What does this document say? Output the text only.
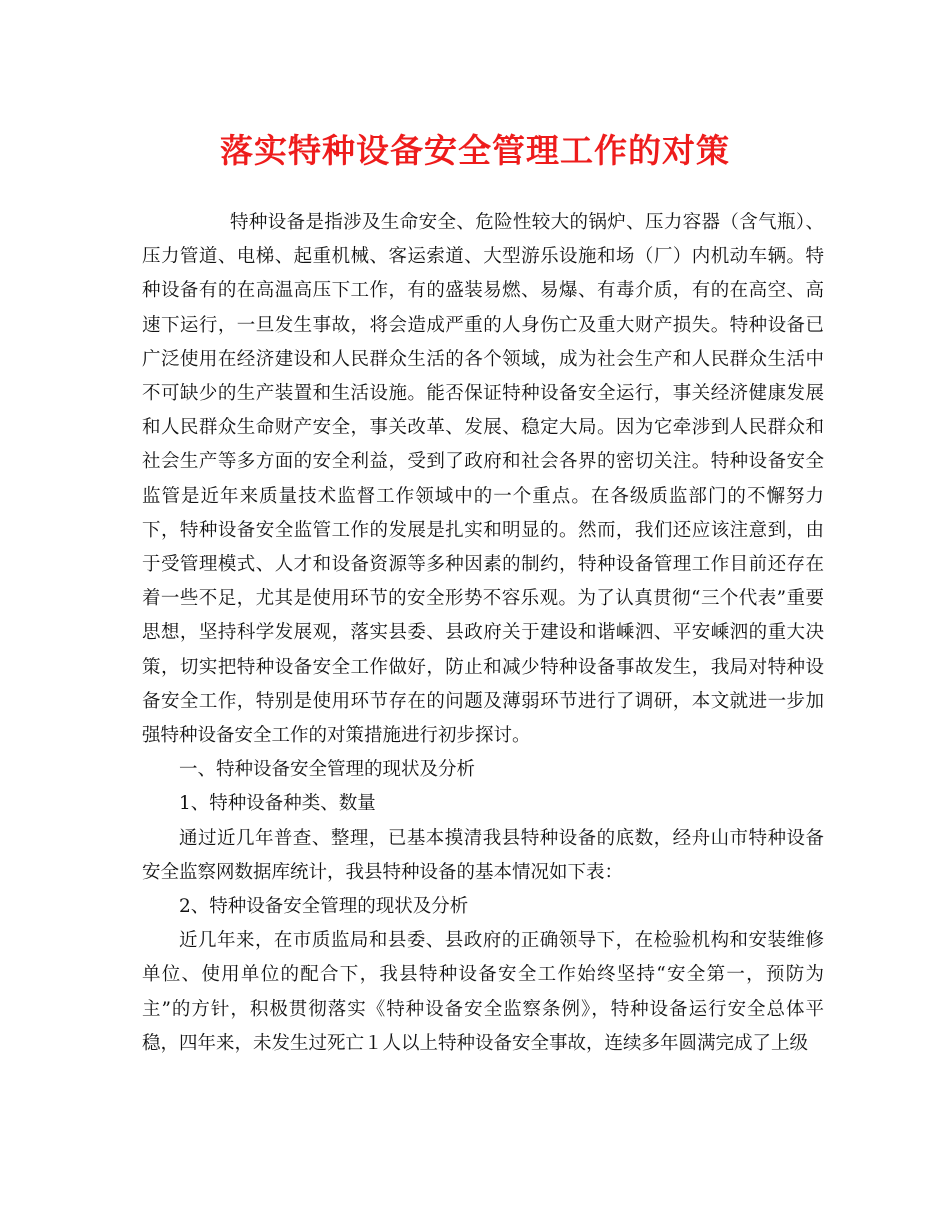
落实特种设备安全管理工作的对策

特种设备是指涉及生命安全、危险性较大的锅炉、压力容器（含气瓶）、压力管道、电梯、起重机械、客运索道、大型游乐设施和场（厂）内机动车辆。特种设备有的在高温高压下工作，有的盛装易燃、易爆、有毒介质，有的在高空、高速下运行，一旦发生事故，将会造成严重的人身伤亡及重大财产损失。特种设备已广泛使用在经济建设和人民群众生活的各个领域，成为社会生产和人民群众生活中不可缺少的生产装置和生活设施。能否保证特种设备安全运行，事关经济健康发展和人民群众生命财产安全，事关改革、发展、稳定大局。因为它牵涉到人民群众和社会生产等多方面的安全利益，受到了政府和社会各界的密切关注。特种设备安全监管是近年来质量技术监督工作领域中的一个重点。在各级质监部门的不懈努力下，特种设备安全监管工作的发展是扎实和明显的。然而，我们还应该注意到，由于受管理模式、人才和设备资源等多种因素的制约，特种设备管理工作目前还存在着一些不足，尤其是使用环节的安全形势不容乐观。为了认真贯彻“三个代表”重要思想，坚持科学发展观，落实县委、县政府关于建设和谐嵊泗、平安嵊泗的重大决策，切实把特种设备安全工作做好，防止和减少特种设备事故发生，我局对特种设备安全工作，特别是使用环节存在的问题及薄弱环节进行了调研，本文就进一步加强特种设备安全工作的对策措施进行初步探讨。

一、特种设备安全管理的现状及分析

1、特种设备种类、数量

通过近几年普查、整理，已基本摸清我县特种设备的底数，经舟山市特种设备安全监察网数据库统计，我县特种设备的基本情况如下表：

2、特种设备安全管理的现状及分析

近几年来，在市质监局和县委、县政府的正确领导下，在检验机构和安装维修单位、使用单位的配合下，我县特种设备安全工作始终坚持“安全第一，预防为主”的方针，积极贯彻落实《特种设备安全监察条例》，特种设备运行安全总体平稳，四年来，未发生过死亡１人以上特种设备安全事故，连续多年圆满完成了上级
